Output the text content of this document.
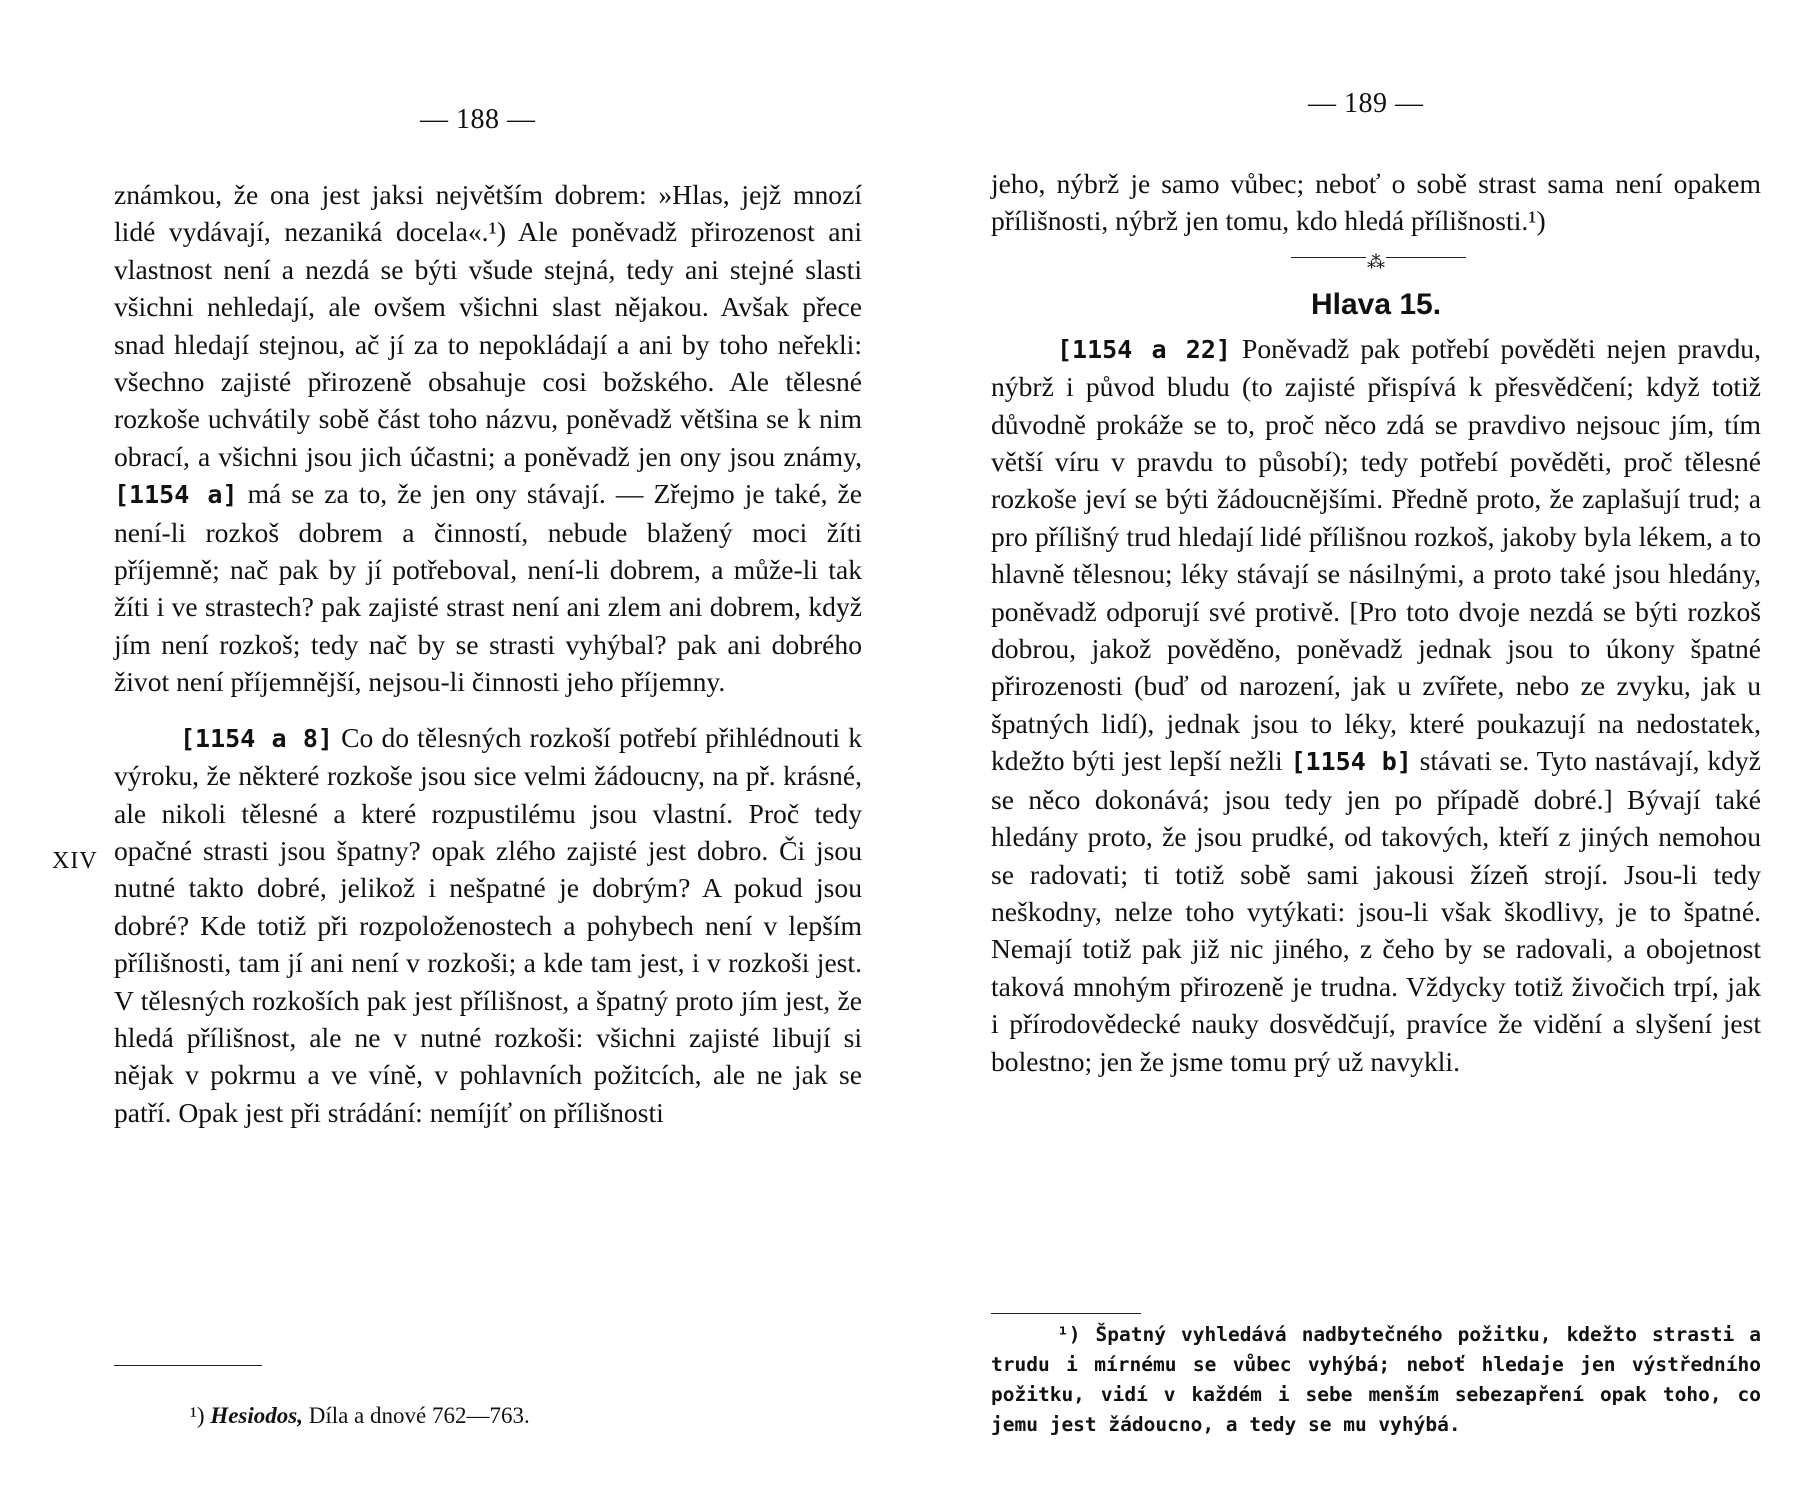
— 188 —
XIV

známkou, že ona jest jaksi největším dobrem: »Hlas, jejž mnozí lidé vydávají, nezaniká docela«.¹) Ale poněvadž přirozenost ani vlastnost není a nezdá se býti všude stejná, tedy ani stejné slasti všichni nehledají, ale ovšem všichni slast nějakou. Avšak přece snad hledají stejnou, ač jí za to nepokládají a ani by toho neřekli: všechno zajisté přirozeně obsahuje cosi božského. Ale tělesné rozkoše uchvátily sobě část toho názvu, poněvadž většina se k nim obrací, a všichni jsou jich účastni; a poněvadž jen ony jsou známy, [1154 a] má se za to, že jen ony stávají. — Zřejmo je také, že není-li rozkoš dobrem a činností, nebude blažený moci žíti příjemně; nač pak by jí potřeboval, není-li dobrem, a může-li tak žíti i ve strastech? pak zajisté strast není ani zlem ani dobrem, když jím není rozkoš; tedy nač by se strasti vyhýbal? pak ani dobrého život není příjemnější, nejsou-li činnosti jeho příjemny.

[1154 a 8] Co do tělesných rozkoší potřebí přihlédnouti k výroku, že některé rozkoše jsou sice velmi žádoucny, na př. krásné, ale nikoli tělesné a které rozpustilému jsou vlastní. Proč tedy opačné strasti jsou špatny? opak zlého zajisté jest dobro. Či jsou nutné takto dobré, jelikož i nešpatné je dobrým? A pokud jsou dobré? Kde totiž při rozpoloženostech a pohybech není v lepším přílišnosti, tam jí ani není v rozkoši; a kde tam jest, i v rozkoši jest. V tělesných rozkoších pak jest přílišnost, a špatný proto jím jest, že hledá přílišnost, ale ne v nutné rozkoši: všichni zajisté libují si nějak v pokrmu a ve víně, v pohlavních požitcích, ale ne jak se patří. Opak jest při strádání: nemíjíť on přílišnosti

¹) Hesiodos, Díla a dnové 762—763.
— 189 —

jeho, nýbrž je samo vůbec; neboť o sobě strast sama není opakem přílišnosti, nýbrž jen tomu, kdo hledá přílišnosti.¹)

⁂
Hlava 15.

[1154 a 22] Poněvadž pak potřebí pověděti nejen pravdu, nýbrž i původ bludu (to zajisté přispívá k přesvědčení; když totiž důvodně prokáže se to, proč něco zdá se pravdivo nejsouc jím, tím větší víru v pravdu to působí); tedy potřebí pověděti, proč tělesné rozkoše jeví se býti žádoucnějšími. Předně proto, že zaplašují trud; a pro přílišný trud hledají lidé přílišnou rozkoš, jakoby byla lékem, a to hlavně tělesnou; léky stávají se násilnými, a proto také jsou hledány, poněvadž odporují své protivě. [Pro toto dvoje nezdá se býti rozkoš dobrou, jakož pověděno, poněvadž jednak jsou to úkony špatné přirozenosti (buď od narození, jak u zvířete, nebo ze zvyku, jak u špatných lidí), jednak jsou to léky, které poukazují na nedostatek, kdežto býti jest lepší nežli [1154 b] stávati se. Tyto nastávají, když se něco dokonává; jsou tedy jen po případě dobré.] Bývají také hledány proto, že jsou prudké, od takových, kteří z jiných nemohou se radovati; ti totiž sobě sami jakousi žízeň strojí. Jsou-li tedy neškodny, nelze toho vytýkati: jsou-li však škodlivy, je to špatné. Nemají totiž pak již nic jiného, z čeho by se radovali, a obojetnost taková mnohým přirozeně je trudna. Vždycky totiž živočich trpí, jak i přírodovědecké nauky dosvědčují, pravíce že vidění a slyšení jest bolestno; jen že jsme tomu prý už navykli.

¹) Špatný vyhledává nadbytečného požitku, kdežto strasti a trudu i mírnému se vůbec vyhýbá; neboť hledaje jen výstředního požitku, vidí v každém i sebe menším sebezapření opak toho, co jemu jest žádoucno, a tedy se mu vyhýbá.
